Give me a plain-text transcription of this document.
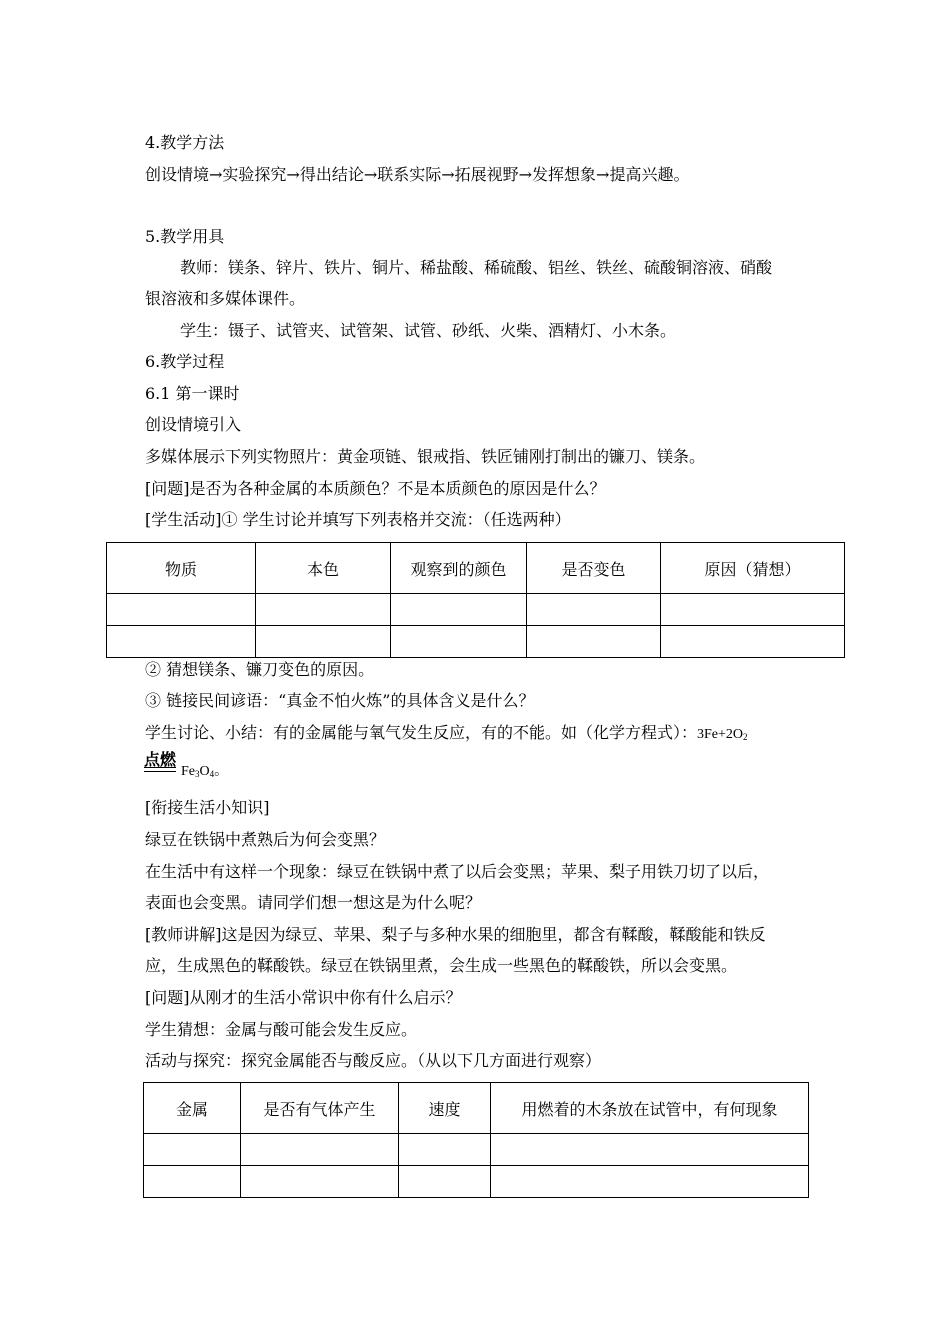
4.教学方法
创设情境→实验探究→得出结论→联系实际→拓展视野→发挥想象→提高兴趣。
5.教学用具
教师：镁条、锌片、铁片、铜片、稀盐酸、稀硫酸、铝丝、铁丝、硫酸铜溶液、硝酸
银溶液和多媒体课件。
学生：镊子、试管夹、试管架、试管、砂纸、火柴、酒精灯、小木条。
6.教学过程
6.1 第一课时
创设情境引入
多媒体展示下列实物照片：黄金项链、银戒指、铁匠铺刚打制出的镰刀、镁条。
[问题]是否为各种金属的本质颜色？不是本质颜色的原因是什么？
[学生活动]① 学生讨论并填写下列表格并交流：（任选两种）
物质	本色	观察到的颜色	是否变色	原因（猜想）

② 猜想镁条、镰刀变色的原因。
③ 链接民间谚语：“真金不怕火炼”的具体含义是什么？
学生讨论、小结：有的金属能与氧气发生反应，有的不能。如（化学方程式）：$3Fe+2O_2$
点燃
$Fe_3O_4$。
[衔接生活小知识]
绿豆在铁锅中煮熟后为何会变黑？
在生活中有这样一个现象：绿豆在铁锅中煮了以后会变黑；苹果、梨子用铁刀切了以后，
表面也会变黑。请同学们想一想这是为什么呢？
[教师讲解]这是因为绿豆、苹果、梨子与多种水果的细胞里，都含有鞣酸，鞣酸能和铁反
应，生成黑色的鞣酸铁。绿豆在铁锅里煮，会生成一些黑色的鞣酸铁，所以会变黑。
[问题]从刚才的生活小常识中你有什么启示？
学生猜想：金属与酸可能会发生反应。
活动与探究：探究金属能否与酸反应。（从以下几方面进行观察）
金属	是否有气体产生	速度	用燃着的木条放在试管中，有何现象
